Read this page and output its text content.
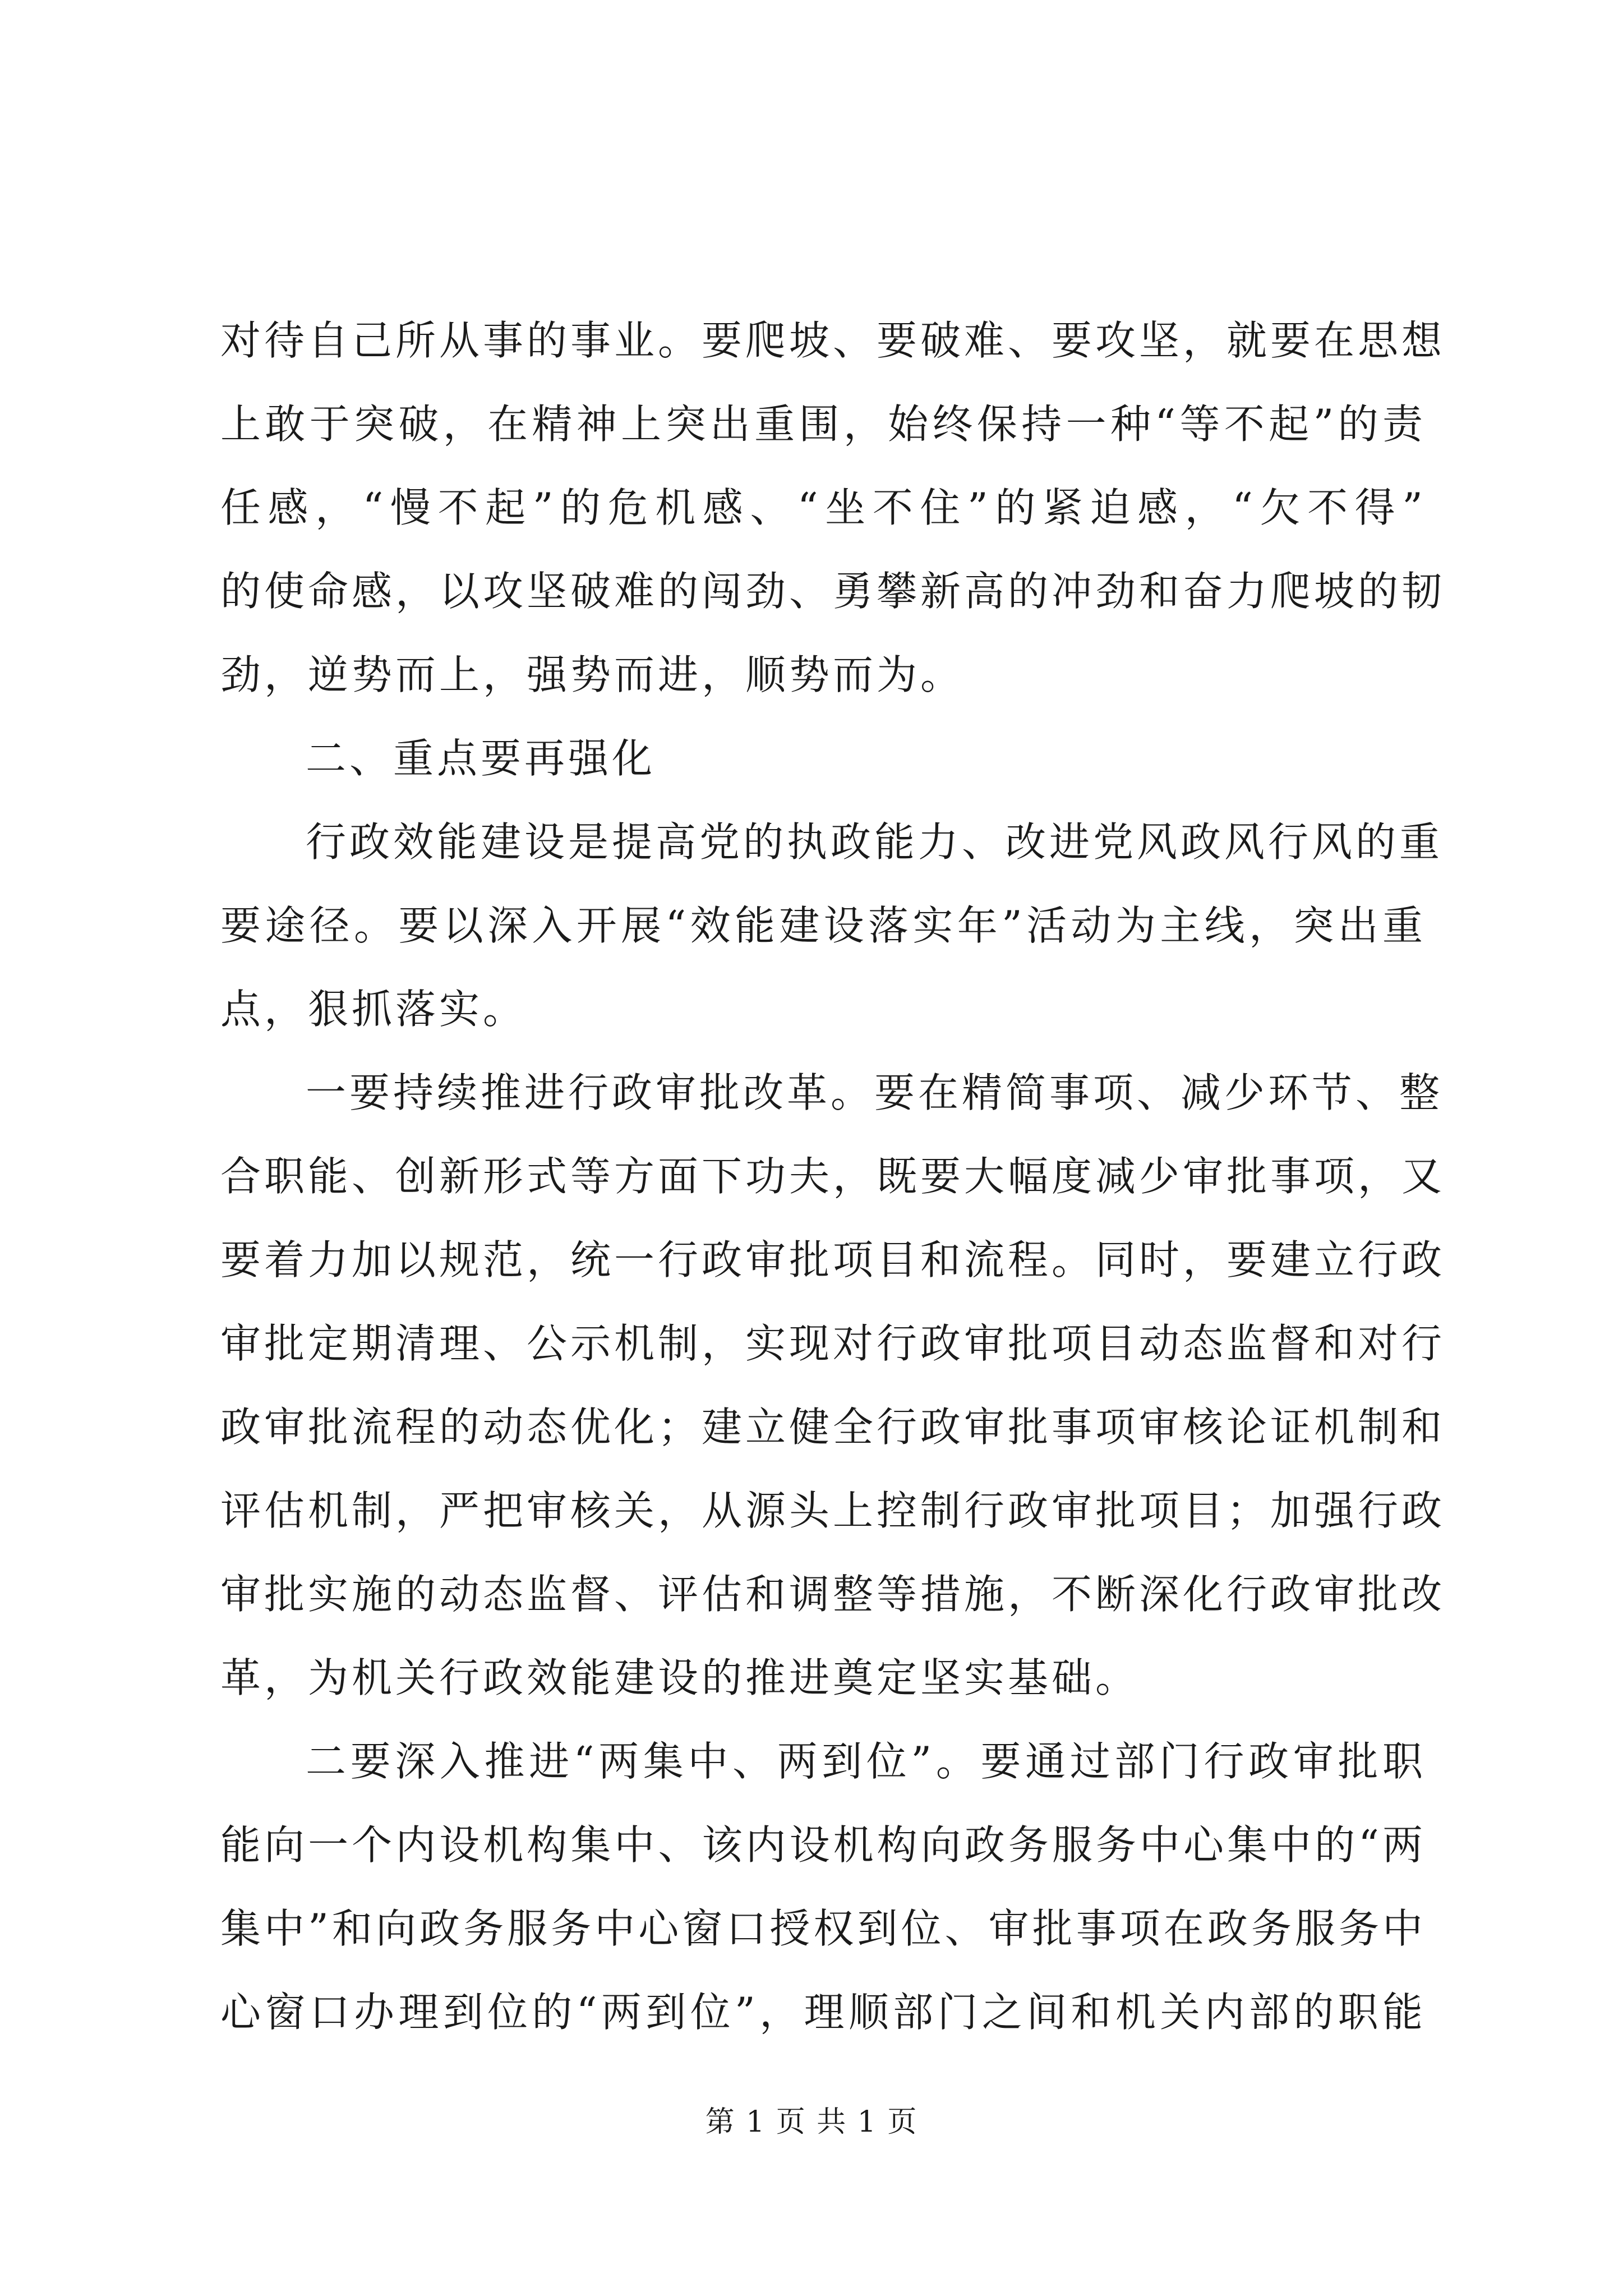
对待自己所从事的事业。要爬坡、要破难、要攻坚，就要在思想
上敢于突破，在精神上突出重围，始终保持一种“等不起”的责
任感，“慢不起”的危机感、“坐不住”的紧迫感，“欠不得”
的使命感，以攻坚破难的闯劲、勇攀新高的冲劲和奋力爬坡的韧
劲，逆势而上，强势而进，顺势而为。
二、重点要再强化
行政效能建设是提高党的执政能力、改进党风政风行风的重
要途径。要以深入开展“效能建设落实年”活动为主线，突出重
点，狠抓落实。
一要持续推进行政审批改革。要在精简事项、减少环节、整
合职能、创新形式等方面下功夫，既要大幅度减少审批事项，又
要着力加以规范，统一行政审批项目和流程。同时，要建立行政
审批定期清理、公示机制，实现对行政审批项目动态监督和对行
政审批流程的动态优化；建立健全行政审批事项审核论证机制和
评估机制，严把审核关，从源头上控制行政审批项目；加强行政
审批实施的动态监督、评估和调整等措施，不断深化行政审批改
革，为机关行政效能建设的推进奠定坚实基础。
二要深入推进“两集中、两到位”。要通过部门行政审批职
能向一个内设机构集中、该内设机构向政务服务中心集中的“两
集中”和向政务服务中心窗口授权到位、审批事项在政务服务中
心窗口办理到位的“两到位”，理顺部门之间和机关内部的职能
第 1 页 共 1 页
